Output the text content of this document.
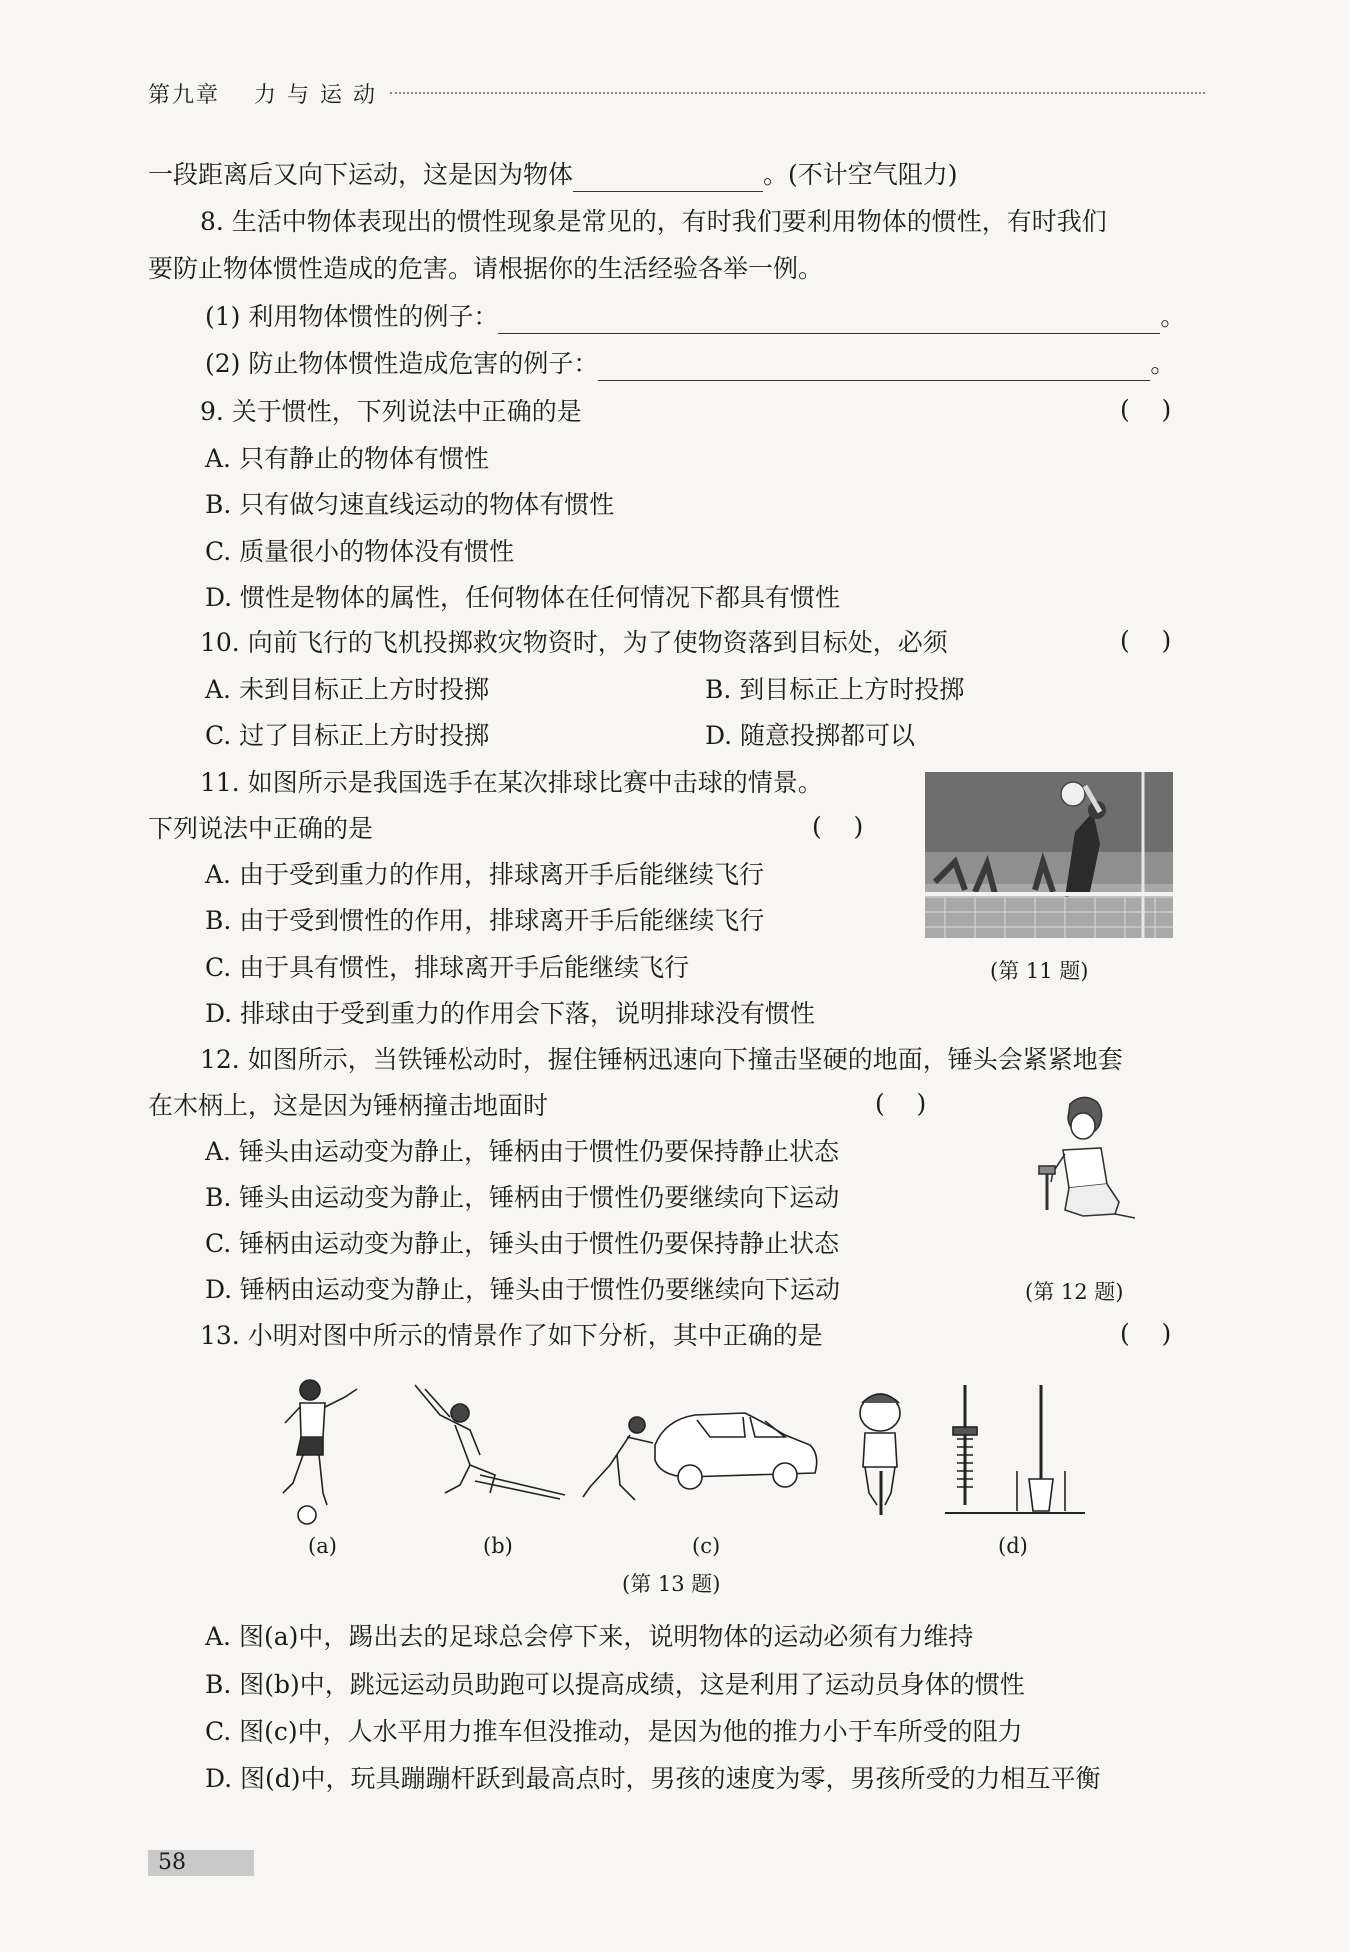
第九章 力 与 运 动
一段距离后又向下运动，这是因为物体	。(不计空气阻力)
8. 生活中物体表现出的惯性现象是常见的，有时我们要利用物体的惯性，有时我们
要防止物体惯性造成的危害。请根据你的生活经验各举一例。
(1) 利用物体惯性的例子：	。
(2) 防止物体惯性造成危害的例子：	。
9. 关于惯性，下列说法中正确的是	(    )
A. 只有静止的物体有惯性
B. 只有做匀速直线运动的物体有惯性
C. 质量很小的物体没有惯性
D. 惯性是物体的属性，任何物体在任何情况下都具有惯性
10. 向前飞行的飞机投掷救灾物资时，为了使物资落到目标处，必须	(    )
A. 未到目标正上方时投掷	B. 到目标正上方时投掷
C. 过了目标正上方时投掷	D. 随意投掷都可以
11. 如图所示是我国选手在某次排球比赛中击球的情景。
下列说法中正确的是	(    )
A. 由于受到重力的作用，排球离开手后能继续飞行
B. 由于受到惯性的作用，排球离开手后能继续飞行
C. 由于具有惯性，排球离开手后能继续飞行
D. 排球由于受到重力的作用会下落，说明排球没有惯性
(第 11 题)
12. 如图所示，当铁锤松动时，握住锤柄迅速向下撞击坚硬的地面，锤头会紧紧地套
在木柄上，这是因为锤柄撞击地面时	(    )
A. 锤头由运动变为静止，锤柄由于惯性仍要保持静止状态
B. 锤头由运动变为静止，锤柄由于惯性仍要继续向下运动
C. 锤柄由运动变为静止，锤头由于惯性仍要保持静止状态
D. 锤柄由运动变为静止，锤头由于惯性仍要继续向下运动	(第 12 题)
13. 小明对图中所示的情景作了如下分析，其中正确的是	(    )
(a)	(b)	(c)	(d)
(第 13 题)
A. 图(a)中，踢出去的足球总会停下来，说明物体的运动必须有力维持
B. 图(b)中，跳远运动员助跑可以提高成绩，这是利用了运动员身体的惯性
C. 图(c)中，人水平用力推车但没推动，是因为他的推力小于车所受的阻力
D. 图(d)中，玩具蹦蹦杆跃到最高点时，男孩的速度为零，男孩所受的力相互平衡
58
